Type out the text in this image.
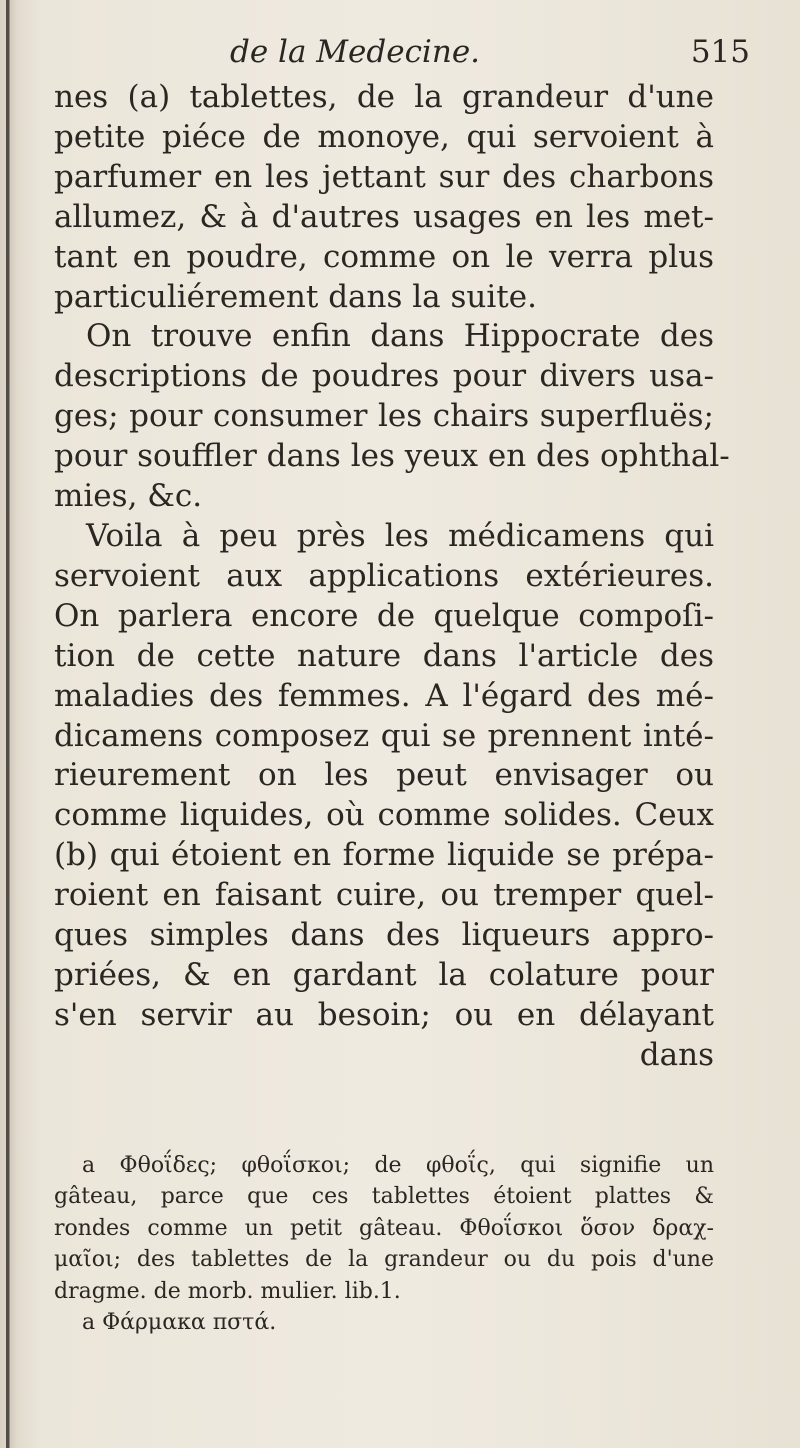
de la Medecine.	515
nes (a) tablettes, de la grandeur d'une
petite piéce de monoye, qui servoient à
parfumer en les jettant sur des charbons
allumez, & à d'autres usages en les met-
tant en poudre, comme on le verra plus
particuliérement dans la suite.
On trouve enfin dans Hippocrate des
descriptions de poudres pour divers usa-
ges; pour consumer les chairs superfluës;
pour souffler dans les yeux en des ophthal-
mies, &c.
Voila à peu près les médicamens qui
servoient aux applications extérieures.
On parlera encore de quelque compoſi-
tion de cette nature dans l'article des
maladies des femmes. A l'égard des mé-
dicamens composez qui se prennent inté-
rieurement on les peut envisager ou
comme liquides, où comme solides. Ceux
(b) qui étoient en forme liquide se prépa-
roient en faisant cuire, ou tremper quel-
ques simples dans des liqueurs appro-
priées, & en gardant la colature pour
s'en servir au besoin; ou en délayant
dans
a Φθοΐδες; φθοΐσκοι; de φθοΐς, qui signifie un
gâteau, parce que ces tablettes étoient plattes &
rondes comme un petit gâteau. Φθοΐσκοι ὅσον δραχ-
μαῖοι; des tablettes de la grandeur ou du pois d'une
dragme. de morb. mulier. lib.1.
a Φάρμακα πστά.
